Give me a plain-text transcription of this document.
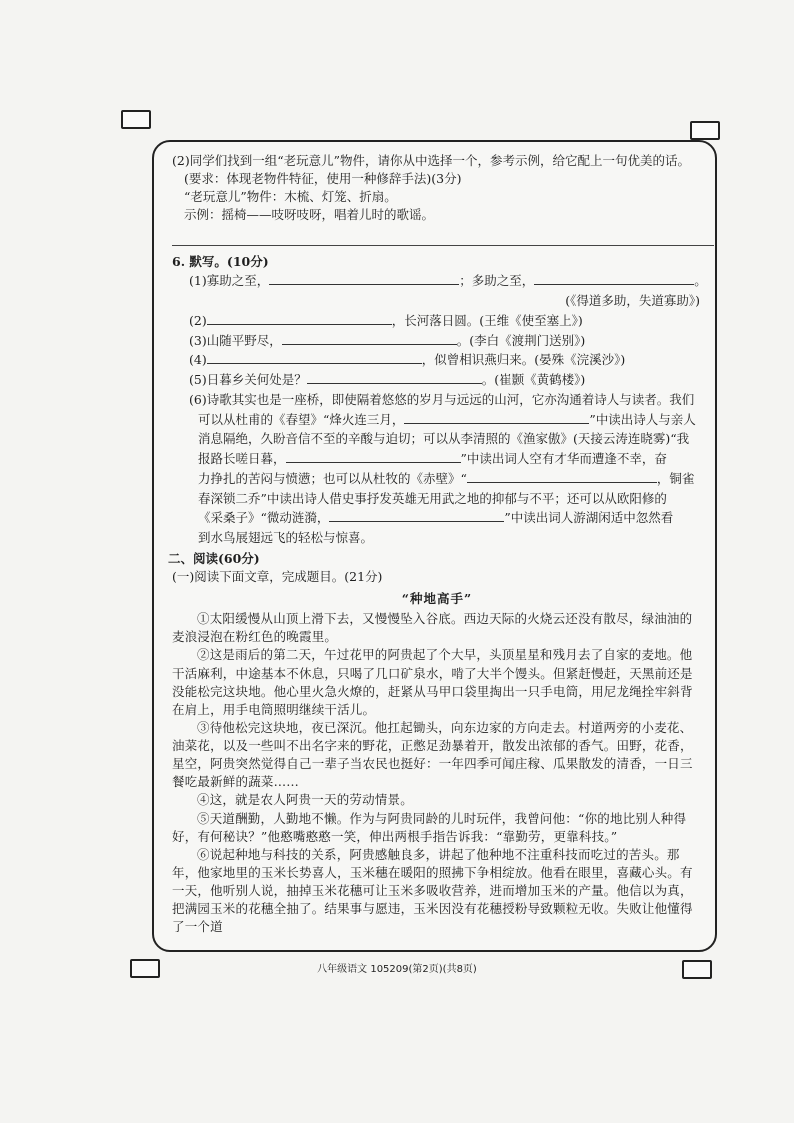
(2)同学们找到一组“老玩意儿”物件，请你从中选择一个，参考示例，给它配上一句优美的话。
(要求：体现老物件特征，使用一种修辞手法)(3分)
“老玩意儿”物件：木梳、灯笼、折扇。
示例：摇椅——吱呀吱呀，唱着儿时的歌谣。
6. 默写。(10分)
(1)寡助之至，	；多助之至，	。
(《得道多助，失道寡助》)
(2)	，长河落日圆。(王维《使至塞上》)
(3)山随平野尽，	。(李白《渡荆门送别》)
(4)	，似曾相识燕归来。(晏殊《浣溪沙》)
(5)日暮乡关何处是？	。(崔颢《黄鹤楼》)
(6)诗歌其实也是一座桥，即使隔着悠悠的岁月与远远的山河，它亦沟通着诗人与读者。我们
可以从杜甫的《春望》“烽火连三月，	”中读出诗人与亲人
消息隔绝，久盼音信不至的辛酸与迫切；可以从李清照的《渔家傲》(天接云涛连晓雾)“我
报路长嗟日暮，	”中读出词人空有才华而遭逢不幸，奋
力挣扎的苦闷与愤懑；也可以从杜牧的《赤壁》“	，铜雀
春深锁二乔”中读出诗人借史事抒发英雄无用武之地的抑郁与不平；还可以从欧阳修的
《采桑子》“微动涟漪，	”中读出词人游湖闲适中忽然看
到水鸟展翅远飞的轻松与惊喜。
二、阅读(60分)
(一)阅读下面文章，完成题目。(21分)
“种地高手”
①太阳缓慢从山顶上滑下去，又慢慢坠入谷底。西边天际的火烧云还没有散尽，绿油油的麦浪浸泡在粉红色的晚霞里。
②这是雨后的第二天，午过花甲的阿贵起了个大早，头顶星星和残月去了自家的麦地。他干活麻利，中途基本不休息，只喝了几口矿泉水，啃了大半个馒头。但紧赶慢赶，天黑前还是没能松完这块地。他心里火急火燎的，赶紧从马甲口袋里掏出一只手电筒，用尼龙绳拴牢斜背在肩上，用手电筒照明继续干活儿。
③待他松完这块地，夜已深沉。他扛起锄头，向东边家的方向走去。村道两旁的小麦花、油菜花，以及一些叫不出名字来的野花，正憋足劲暴着开，散发出浓郁的香气。田野，花香，星空，阿贵突然觉得自己一辈子当农民也挺好：一年四季可闻庄稼、瓜果散发的清香，一日三餐吃最新鲜的蔬菜……
④这，就是农人阿贵一天的劳动情景。
⑤天道酬勤，人勤地不懒。作为与阿贵同龄的儿时玩伴，我曾问他：“你的地比别人种得好，有何秘诀？”他憨嘴憨憨一笑，伸出两根手指告诉我：“靠勤劳，更靠科技。”
⑥说起种地与科技的关系，阿贵感触良多，讲起了他种地不注重科技而吃过的苦头。那年，他家地里的玉米长势喜人，玉米穗在暖阳的照拂下争相绽放。他看在眼里，喜藏心头。有一天，他听别人说，抽掉玉米花穗可让玉米多吸收营养，进而增加玉米的产量。他信以为真，把满园玉米的花穗全抽了。结果事与愿违，玉米因没有花穗授粉导致颗粒无收。失败让他懂得了一个道
八年级语文 105209(第2页)(共8页)
